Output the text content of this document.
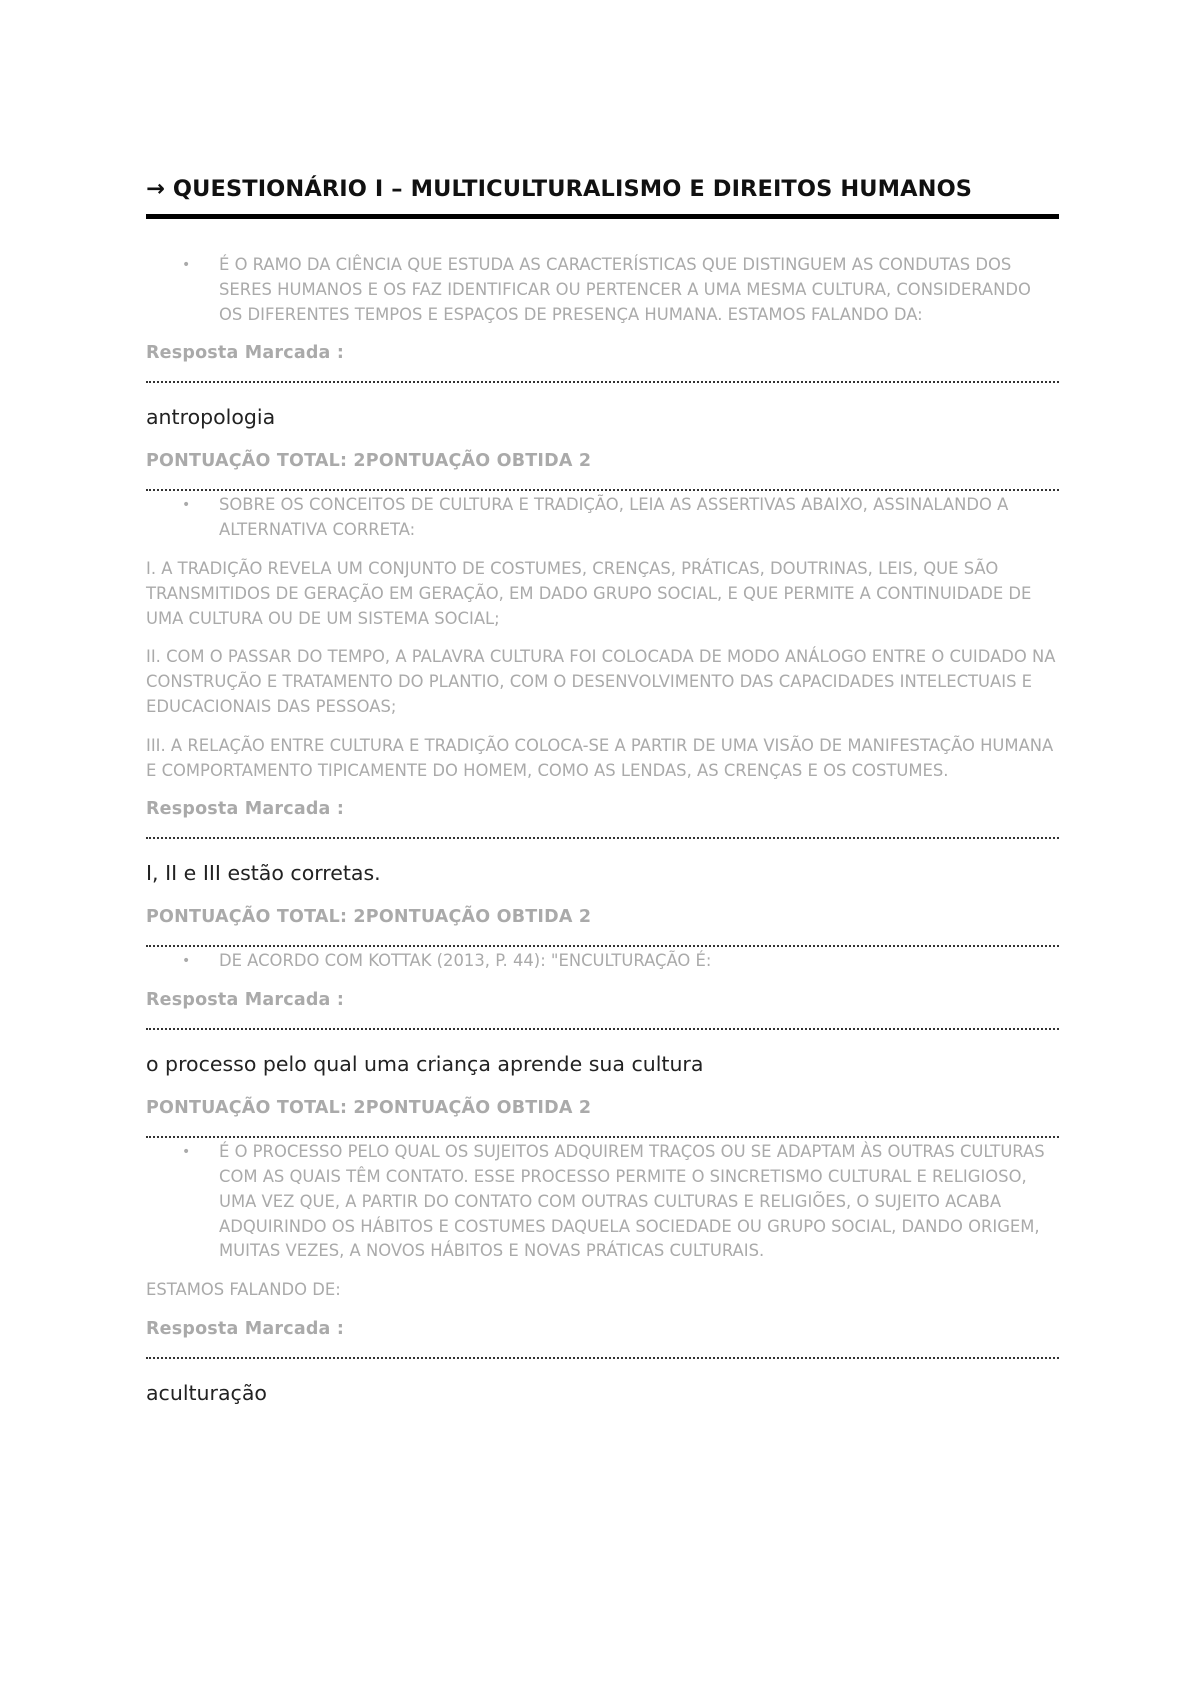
→ QUESTIONÁRIO I – MULTICULTURALISMO E DIREITOS HUMANOS
• É O RAMO DA CIÊNCIA QUE ESTUDA AS CARACTERÍSTICAS QUE DISTINGUEM AS CONDUTAS DOS SERES HUMANOS E OS FAZ IDENTIFICAR OU PERTENCER A UMA MESMA CULTURA, CONSIDERANDO OS DIFERENTES TEMPOS E ESPAÇOS DE PRESENÇA HUMANA. ESTAMOS FALANDO DA:
Resposta Marcada :
antropologia
PONTUAÇÃO TOTAL: 2PONTUAÇÃO OBTIDA 2
• SOBRE OS CONCEITOS DE CULTURA E TRADIÇÃO, LEIA AS ASSERTIVAS ABAIXO, ASSINALANDO A ALTERNATIVA CORRETA:
I. A TRADIÇÃO REVELA UM CONJUNTO DE COSTUMES, CRENÇAS, PRÁTICAS, DOUTRINAS, LEIS, QUE SÃO TRANSMITIDOS DE GERAÇÃO EM GERAÇÃO, EM DADO GRUPO SOCIAL, E QUE PERMITE A CONTINUIDADE DE UMA CULTURA OU DE UM SISTEMA SOCIAL;
II. COM O PASSAR DO TEMPO, A PALAVRA CULTURA FOI COLOCADA DE MODO ANÁLOGO ENTRE O CUIDADO NA CONSTRUÇÃO E TRATAMENTO DO PLANTIO, COM O DESENVOLVIMENTO DAS CAPACIDADES INTELECTUAIS E EDUCACIONAIS DAS PESSOAS;
III. A RELAÇÃO ENTRE CULTURA E TRADIÇÃO COLOCA-SE A PARTIR DE UMA VISÃO DE MANIFESTAÇÃO HUMANA E COMPORTAMENTO TIPICAMENTE DO HOMEM, COMO AS LENDAS, AS CRENÇAS E OS COSTUMES.
Resposta Marcada :
I, II e III estão corretas.
PONTUAÇÃO TOTAL: 2PONTUAÇÃO OBTIDA 2
• DE ACORDO COM KOTTAK (2013, P. 44): "ENCULTURAÇÃO É:
Resposta Marcada :
o processo pelo qual uma criança aprende sua cultura
PONTUAÇÃO TOTAL: 2PONTUAÇÃO OBTIDA 2
• É O PROCESSO PELO QUAL OS SUJEITOS ADQUIREM TRAÇOS OU SE ADAPTAM ÀS OUTRAS CULTURAS COM AS QUAIS TÊM CONTATO. ESSE PROCESSO PERMITE O SINCRETISMO CULTURAL E RELIGIOSO, UMA VEZ QUE, A PARTIR DO CONTATO COM OUTRAS CULTURAS E RELIGIÕES, O SUJEITO ACABA ADQUIRINDO OS HÁBITOS E COSTUMES DAQUELA SOCIEDADE OU GRUPO SOCIAL, DANDO ORIGEM, MUITAS VEZES, A NOVOS HÁBITOS E NOVAS PRÁTICAS CULTURAIS.
ESTAMOS FALANDO DE:
Resposta Marcada :
aculturação
